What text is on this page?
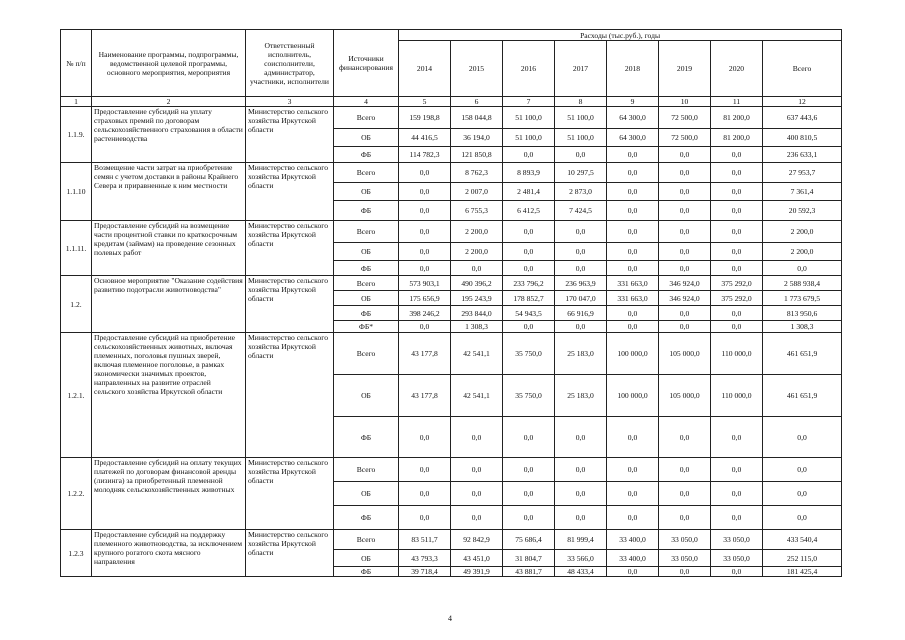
№ п/п	Наименование программы, подпрограммы, ведомственной целевой программы, основного мероприятия, мероприятия	Ответственный исполнитель, соисполнители, администратор, участники, исполнители	Источники финансирования	Расходы (тыс.руб.), годы							
				2014	2015	2016	2017	2018	2019	2020	Всего
1	2	3	4	5	6	7	8	9	10	11	12
1.1.9.	Предоставление субсидий на уплату страховых премий по договорам сельскохозяйственного страхования в области растениеводства	Министерство сельского хозяйства Иркутской области	Всего	159 198,8	158 044,8	51 100,0	51 100,0	64 300,0	72 500,0	81 200,0	637 443,6
			ОБ	44 416,5	36 194,0	51 100,0	51 100,0	64 300,0	72 500,0	81 200,0	400 810,5
			ФБ	114 782,3	121 850,8	0,0	0,0	0,0	0,0	0,0	236 633,1
1.1.10	Возмещение части затрат на приобретение семян с учетом доставки в районы Крайнего Севера и приравненные к ним местности	Министерство сельского хозяйства Иркутской области	Всего	0,0	8 762,3	8 893,9	10 297,5	0,0	0,0	0,0	27 953,7
			ОБ	0,0	2 007,0	2 481,4	2 873,0	0,0	0,0	0,0	7 361,4
			ФБ	0,0	6 755,3	6 412,5	7 424,5	0,0	0,0	0,0	20 592,3
1.1.11.	Предоставление субсидий на возмещение части процентной ставки по краткосрочным кредитам (займам) на проведение сезонных полевых работ	Министерство сельского хозяйства Иркутской области	Всего	0,0	2 200,0	0,0	0,0	0,0	0,0	0,0	2 200,0
			ОБ	0,0	2 200,0	0,0	0,0	0,0	0,0	0,0	2 200,0
			ФБ	0,0	0,0	0,0	0,0	0,0	0,0	0,0	0,0
1.2.	Основное мероприятие "Оказание содействия развитию подотрасли животноводства"	Министерство сельского хозяйства Иркутской области	Всего	573 903,1	490 396,2	233 796,2	236 963,9	331 663,0	346 924,0	375 292,0	2 588 938,4
			ОБ	175 656,9	195 243,9	178 852,7	170 047,0	331 663,0	346 924,0	375 292,0	1 773 679,5
			ФБ	398 246,2	293 844,0	54 943,5	66 916,9	0,0	0,0	0,0	813 950,6
			ФБ*	0,0	1 308,3	0,0	0,0	0,0	0,0	0,0	1 308,3
1.2.1.	Предоставление субсидий на приобретение сельскохозяйственных животных, включая племенных, поголовья пушных зверей, включая племенное поголовье, в рамках экономически значимых проектов, направленных на развитие отраслей сельского хозяйства Иркутской области	Министерство сельского хозяйства Иркутской области	Всего	43 177,8	42 541,1	35 750,0	25 183,0	100 000,0	105 000,0	110 000,0	461 651,9
			ОБ	43 177,8	42 541,1	35 750,0	25 183,0	100 000,0	105 000,0	110 000,0	461 651,9
			ФБ	0,0	0,0	0,0	0,0	0,0	0,0	0,0	0,0
1.2.2.	Предоставление субсидий на оплату текущих платежей по договорам финансовой аренды (лизинга) за приобретенный племенной молодняк сельскохозяйственных животных	Министерство сельского хозяйства Иркутской области	Всего	0,0	0,0	0,0	0,0	0,0	0,0	0,0	0,0
			ОБ	0,0	0,0	0,0	0,0	0,0	0,0	0,0	0,0
			ФБ	0,0	0,0	0,0	0,0	0,0	0,0	0,0	0,0
1.2.3	Предоставление субсидий на поддержку племенного животноводства, за исключением крупного рогатого скота мясного направления	Министерство сельского хозяйства Иркутской области	Всего	83 511,7	92 842,9	75 686,4	81 999,4	33 400,0	33 050,0	33 050,0	433 540,4
			ОБ	43 793,3	43 451,0	31 804,7	33 566,0	33 400,0	33 050,0	33 050,0	252 115,0
			ФБ	39 718,4	49 391,9	43 881,7	48 433,4	0,0	0,0	0,0	181 425,4
4
